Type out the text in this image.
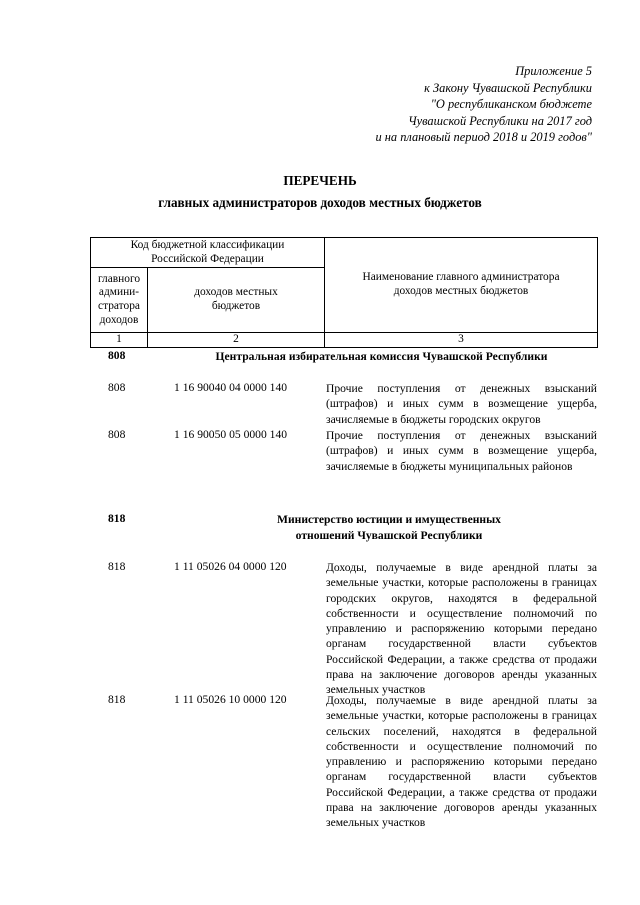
Приложение 5
к Закону Чувашской Республики
"О республиканском бюджете
Чувашской Республики на 2017 год
и на плановый период 2018 и 2019 годов"
ПЕРЕЧЕНЬ
главных администраторов доходов местных бюджетов
Код бюджетной классификации Российской Федерации		Наименование главного администратора доходов местных бюджетов

главного админи-стратора доходов	доходов местных бюджетов	

1	2	3
808	Центральная избирательная комиссия Чувашской Республики
808	1 16 90040 04 0000 140	Прочие поступления от денежных взысканий (штрафов) и иных сумм в возмещение ущерба, зачисляемые в бюджеты городских округов
808	1 16 90050 05 0000 140	Прочие поступления от денежных взысканий (штрафов) и иных сумм в возмещение ущерба, зачисляемые в бюджеты муниципальных районов
818	Министерство юстиции и имущественных отношений Чувашской Республики
818	1 11 05026 04 0000 120	Доходы, получаемые в виде арендной платы за земельные участки, которые расположены в границах городских округов, находятся в федеральной собственности и осуществление полномочий по управлению и распоряжению которыми передано органам государственной власти субъектов Российской Федерации, а также средства от продажи права на заключение договоров аренды указанных земельных участков
818	1 11 05026 10 0000 120	Доходы, получаемые в виде арендной платы за земельные участки, которые расположены в границах сельских поселений, находятся в федеральной собственности и осуществление полномочий по управлению и распоряжению которыми передано органам государственной власти субъектов Российской Федерации, а также средства от продажи права на заключение договоров аренды указанных земельных участков
